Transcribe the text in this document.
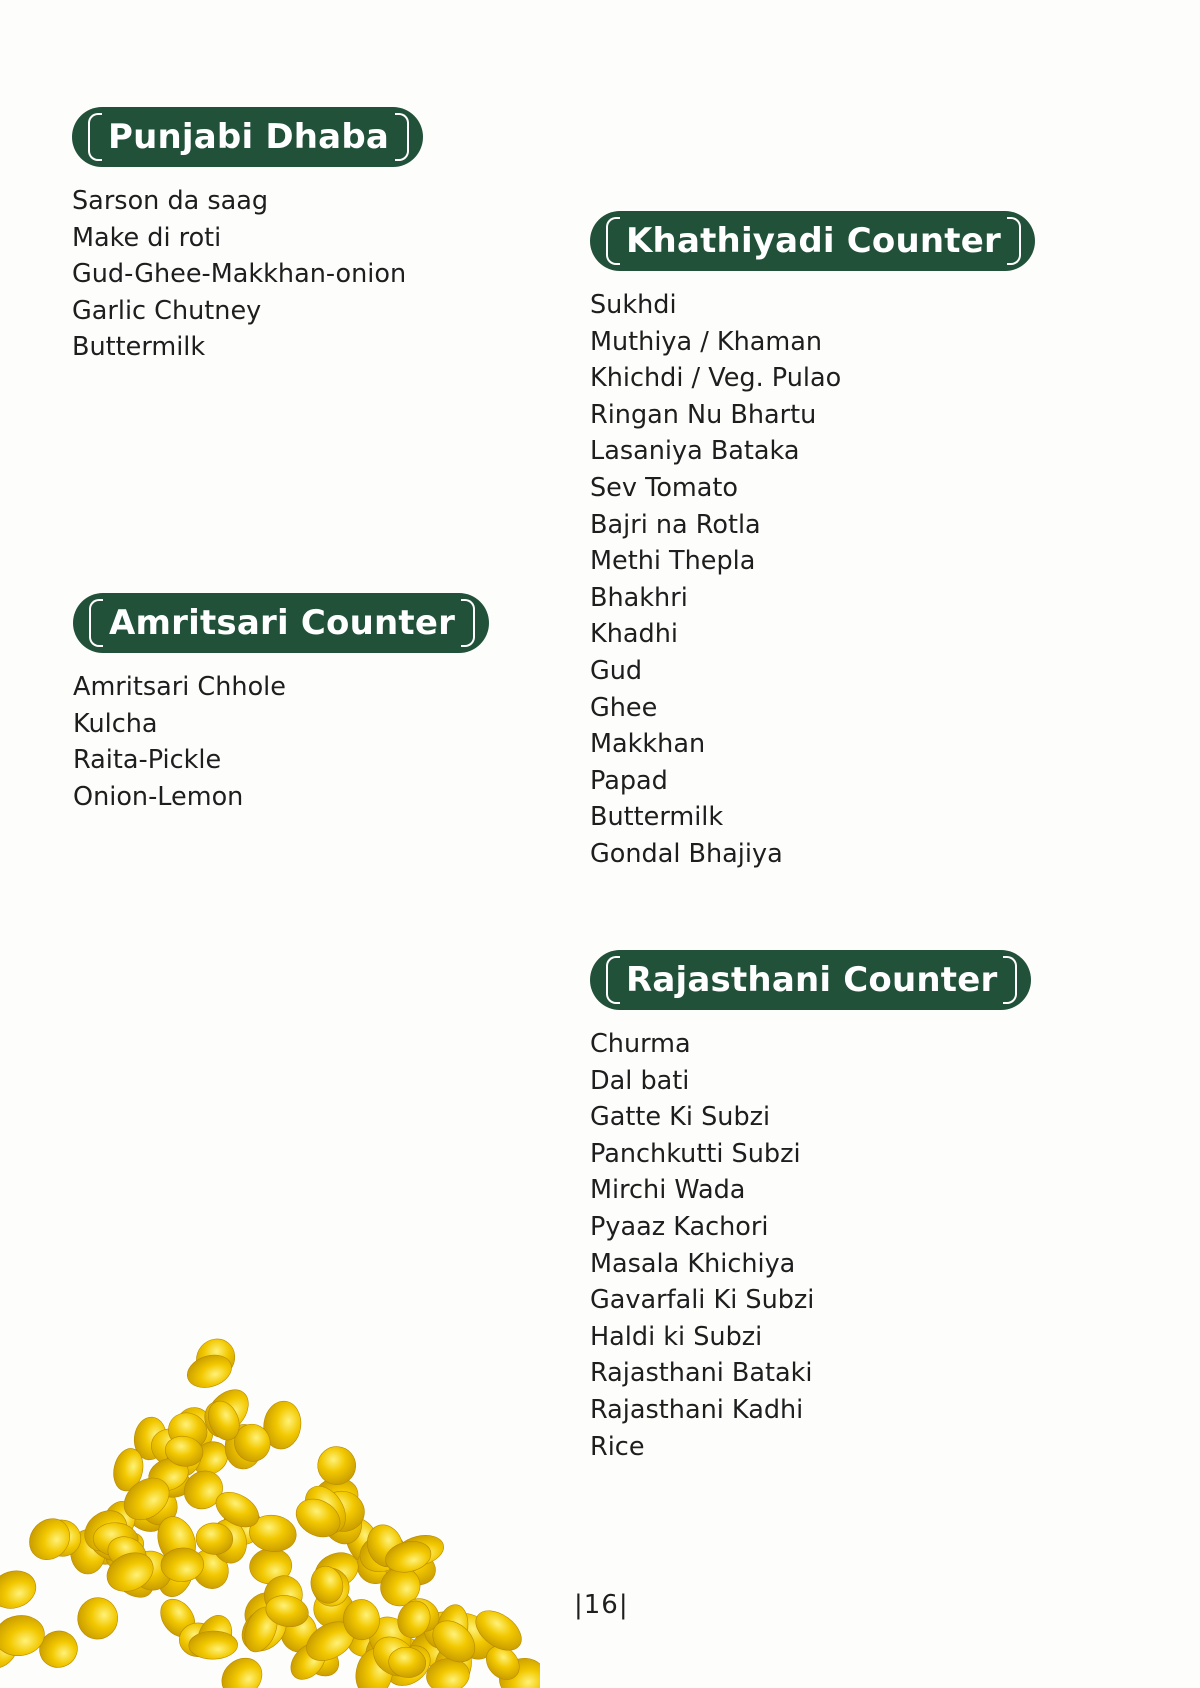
Punjabi Dhaba
Sarson da saag
Make di roti
Gud-Ghee-Makkhan-onion
Garlic Chutney
Buttermilk
Amritsari Counter
Amritsari Chhole
Kulcha
Raita-Pickle
Onion-Lemon
Khathiyadi Counter
Sukhdi
Muthiya / Khaman
Khichdi / Veg. Pulao
Ringan Nu Bhartu
Lasaniya Bataka
Sev Tomato
Bajri na Rotla
Methi Thepla
Bhakhri
Khadhi
Gud
Ghee
Makkhan
Papad
Buttermilk
Gondal Bhajiya
Rajasthani Counter
Churma
Dal bati
Gatte Ki Subzi
Panchkutti Subzi
Mirchi Wada
Pyaaz Kachori
Masala Khichiya
Gavarfali Ki Subzi
Haldi ki Subzi
Rajasthani Bataki
Rajasthani Kadhi
Rice
|16|
